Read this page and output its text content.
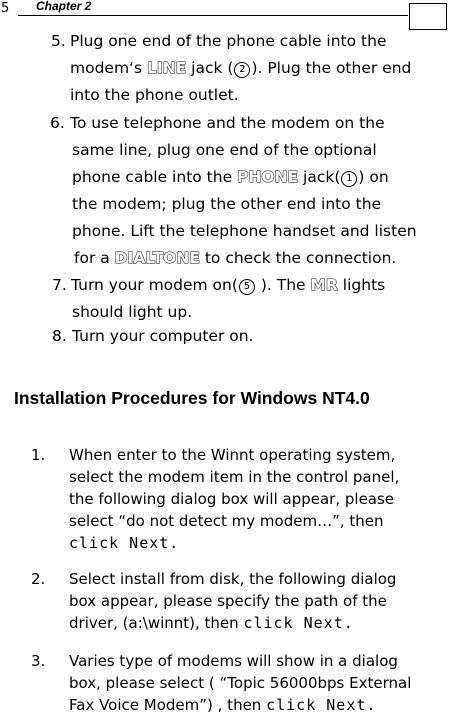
5 Chapter 2
5. Plug one end of the phone cable into the
modem‘s LINE jack ( 2 ). Plug the other end
into the phone outlet.
6. To use telephone and the modem on the
same line, plug one end of the optional
phone cable into the PHONE jack( 1 ) on
the modem; plug the other end into the
phone. Lift the telephone handset and listen
for a DIALTONE to check the connection.
7. Turn your modem on( 5 ). The MR lights
should light up.
8. Turn your computer on.
Installation Procedures for Windows NT4.0
1. When enter to the Winnt operating system,
select the modem item in the control panel,
the following dialog box will appear, please
select “do not detect my modem…”, then
click Next.
2. Select install from disk, the following dialog
box appear, please specify the path of the
driver, (a:\winnt), then click Next.
3. Varies type of modems will show in a dialog
box, please select ( “Topic 56000bps External
Fax Voice Modem”) , then click Next.
